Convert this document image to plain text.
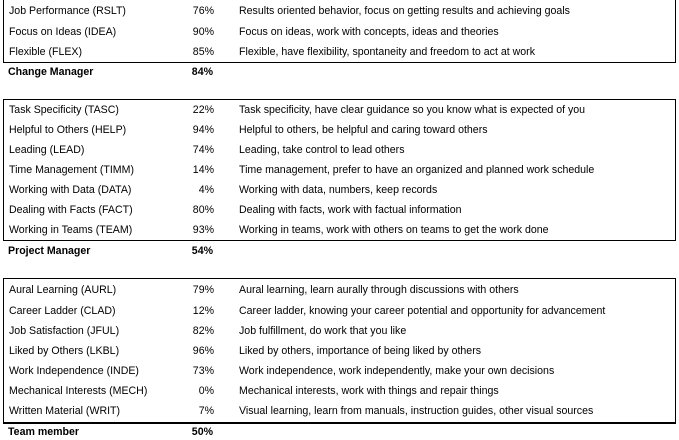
Job Performance (RSLT)	76% Results oriented behavior, focus on getting results and achieving goals
Focus on Ideas (IDEA)	90% Focus on ideas, work with concepts, ideas and theories
Flexible (FLEX)	85% Flexible, have flexibility, spontaneity and freedom to act at work
Change Manager	84%
Task Specificity (TASC)	22% Task specificity, have clear guidance so you know what is expected of you
Helpful to Others (HELP)	94% Helpful to others, be helpful and caring toward others
Leading (LEAD)	74% Leading, take control to lead others
Time Management (TIMM)	14% Time management, prefer to have an organized and planned work schedule
Working with Data (DATA)	4% Working with data, numbers, keep records
Dealing with Facts (FACT)	80% Dealing with facts, work with factual information
Working in Teams (TEAM)	93% Working in teams, work with others on teams to get the work done
Project Manager	54%
Aural Learning (AURL)	79% Aural learning, learn aurally through discussions with others
Career Ladder (CLAD)	12% Career ladder, knowing your career potential and opportunity for advancement
Job Satisfaction (JFUL)	82% Job fulfillment, do work that you like
Liked by Others (LKBL)	96% Liked by others, importance of being liked by others
Work Independence (INDE)	73% Work independence, work independently, make your own decisions
Mechanical Interests (MECH)	0% Mechanical interests, work with things and repair things
Written Material (WRIT)	7% Visual learning, learn from manuals, instruction guides, other visual sources
Team member	50%
